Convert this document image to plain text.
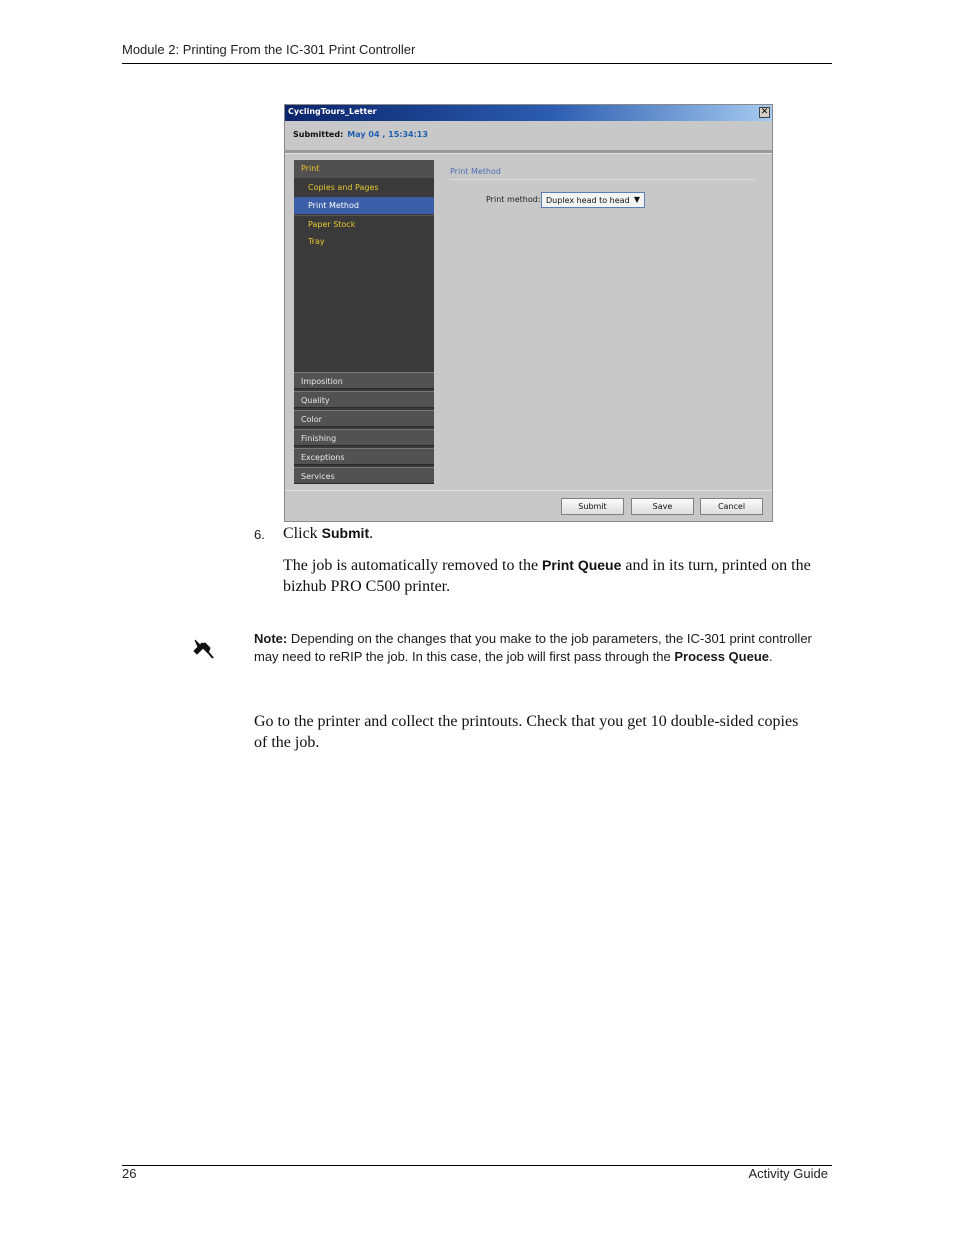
Module 2: Printing From the IC-301 Print Controller
CyclingTours_Letter	✕
Submitted: May 04 , 15:34:13
Print
Copies and Pages
Print Method
Paper Stock
Tray
Imposition
Quality
Color
Finishing
Exceptions
Services
Print Method
Print method: Duplex head to head ▼
Submit	Save	Cancel
6. Click Submit.
The job is automatically removed to the Print Queue and in its turn, printed on the bizhub PRO C500 printer.
Note: Depending on the changes that you make to the job parameters, the IC-301 print controller may need to reRIP the job. In this case, the job will first pass through the Process Queue.
Go to the printer and collect the printouts. Check that you get 10 double-sided copies of the job.
26	Activity Guide
